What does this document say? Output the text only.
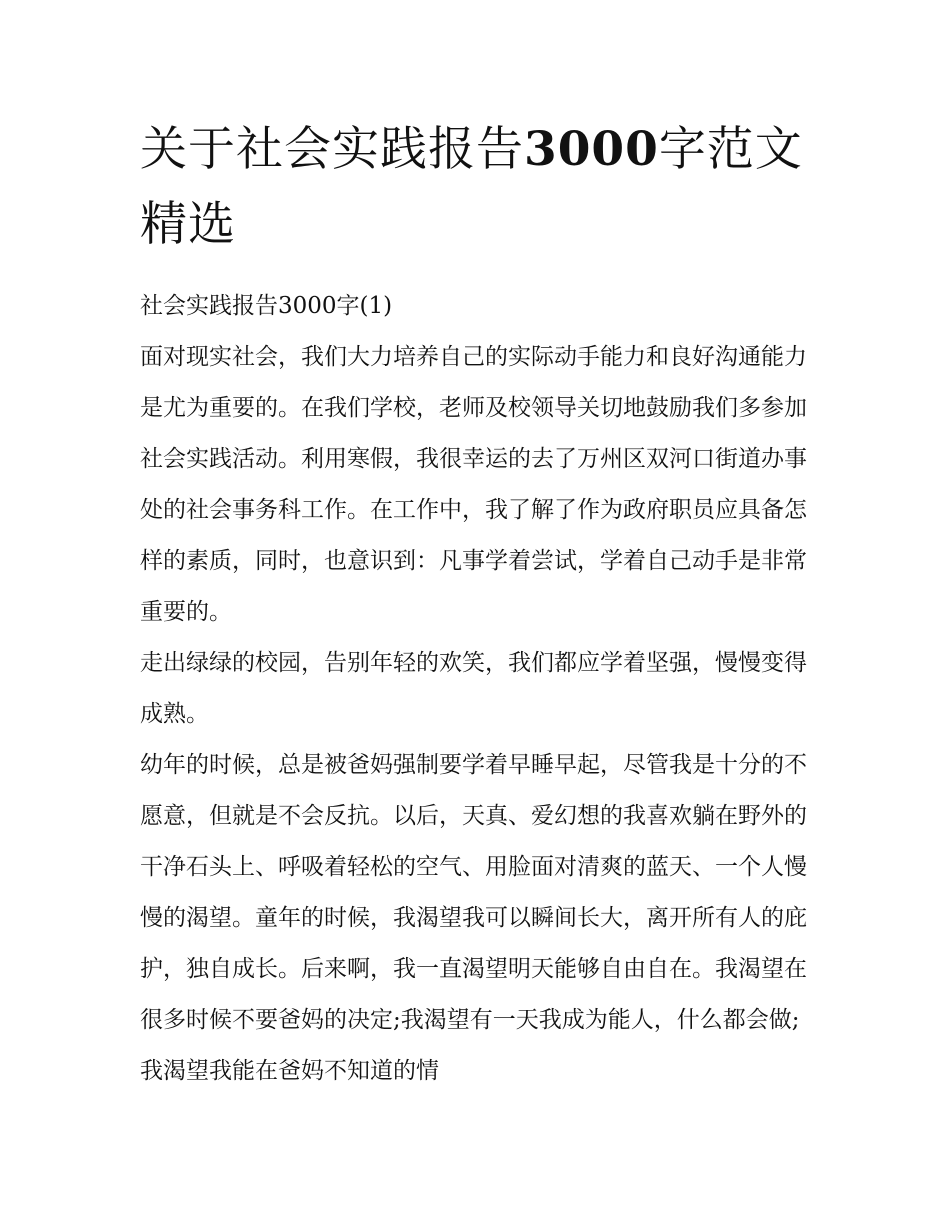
关于社会实践报告3000字范文精选

社会实践报告3000字(1)

面对现实社会，我们大力培养自己的实际动手能力和良好沟通能力是尤为重要的。在我们学校，老师及校领导关切地鼓励我们多参加社会实践活动。利用寒假，我很幸运的去了万州区双河口街道办事处的社会事务科工作。在工作中，我了解了作为政府职员应具备怎样的素质，同时，也意识到：凡事学着尝试，学着自己动手是非常重要的。

走出绿绿的校园，告别年轻的欢笑，我们都应学着坚强，慢慢变得成熟。

幼年的时候，总是被爸妈强制要学着早睡早起，尽管我是十分的不愿意，但就是不会反抗。以后，天真、爱幻想的我喜欢躺在野外的干净石头上、呼吸着轻松的空气、用脸面对清爽的蓝天、一个人慢慢的渴望。童年的时候，我渴望我可以瞬间长大，离开所有人的庇护，独自成长。后来啊，我一直渴望明天能够自由自在。我渴望在很多时候不要爸妈的决定;我渴望有一天我成为能人，什么都会做;我渴望我能在爸妈不知道的情
